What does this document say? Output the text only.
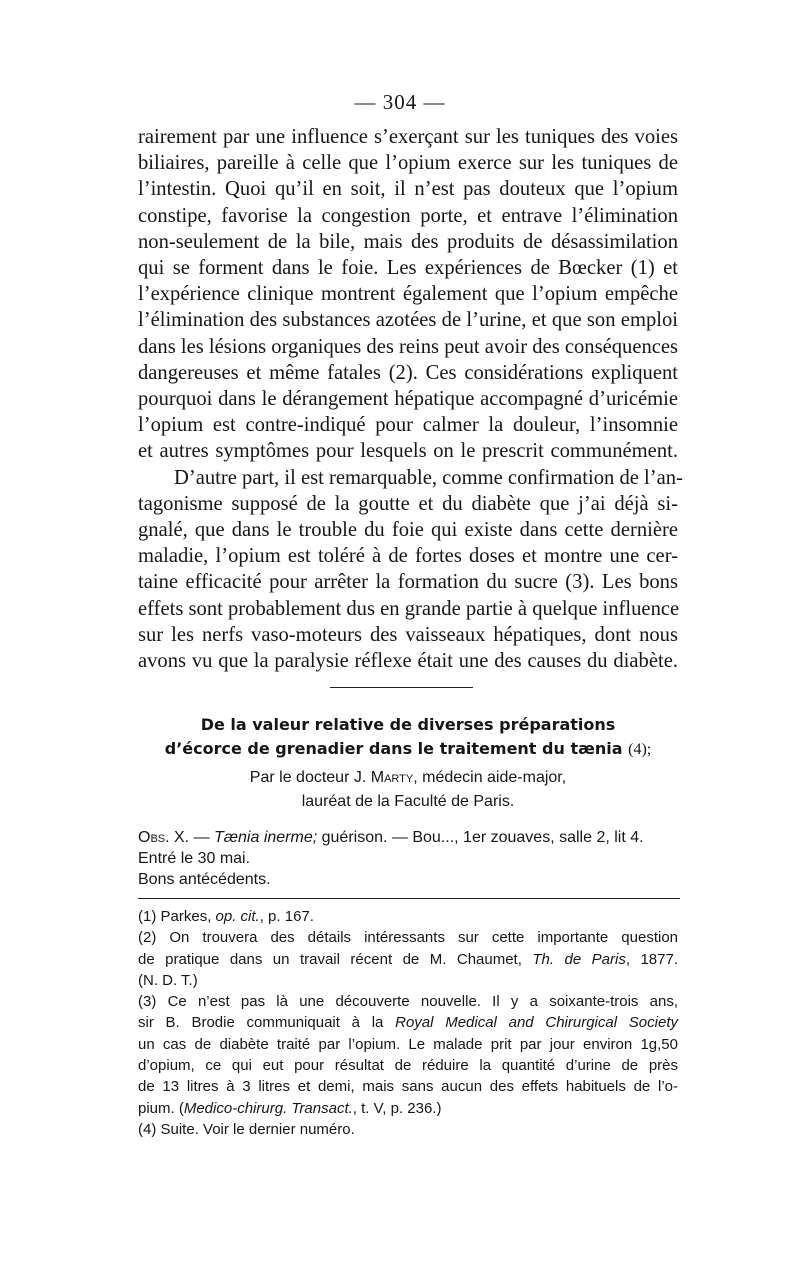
— 304 —
rairement par une influence s’exerçant sur les tuniques des voies
biliaires, pareille à celle que l’opium exerce sur les tuniques de
l’intestin. Quoi qu’il en soit, il n’est pas douteux que l’opium
constipe, favorise la congestion porte, et entrave l’élimination
non-seulement de la bile, mais des produits de désassimilation
qui se forment dans le foie. Les expériences de Bœcker (1) et
l’expérience clinique montrent également que l’opium empêche
l’élimination des substances azotées de l’urine, et que son emploi
dans les lésions organiques des reins peut avoir des conséquences
dangereuses et même fatales (2). Ces considérations expliquent
pourquoi dans le dérangement hépatique accompagné d’uricémie
l’opium est contre-indiqué pour calmer la douleur, l’insomnie
et autres symptômes pour lesquels on le prescrit communément.
D’autre part, il est remarquable, comme confirmation de l’an-
tagonisme supposé de la goutte et du diabète que j’ai déjà si-
gnalé, que dans le trouble du foie qui existe dans cette dernière
maladie, l’opium est toléré à de fortes doses et montre une cer-
taine efficacité pour arrêter la formation du sucre (3). Les bons
effets sont probablement dus en grande partie à quelque influence
sur les nerfs vaso-moteurs des vaisseaux hépatiques, dont nous
avons vu que la paralysie réflexe était une des causes du diabète.
De la valeur relative de diverses préparations
d’écorce de grenadier dans le traitement du tænia (4);
Par le docteur J. Marty, médecin aide-major,
lauréat de la Faculté de Paris.
Obs. X. — Tænia inerme; guérison. — Bou..., 1er zouaves, salle 2, lit 4.
Entré le 30 mai.
Bons antécédents.
(1) Parkes, op. cit., p. 167.
(2) On trouvera des détails intéressants sur cette importante question
de pratique dans un travail récent de M. Chaumet, Th. de Paris, 1877.
(N. D. T.)
(3) Ce n’est pas là une découverte nouvelle. Il y a soixante-trois ans,
sir B. Brodie communiquait à la Royal Medical and Chirurgical Society
un cas de diabète traité par l’opium. Le malade prit par jour environ 1g,50
d’opium, ce qui eut pour résultat de réduire la quantité d’urine de près
de 13 litres à 3 litres et demi, mais sans aucun des effets habituels de l’o-
pium. (Medico-chirurg. Transact., t. V, p. 236.)
(4) Suite. Voir le dernier numéro.
